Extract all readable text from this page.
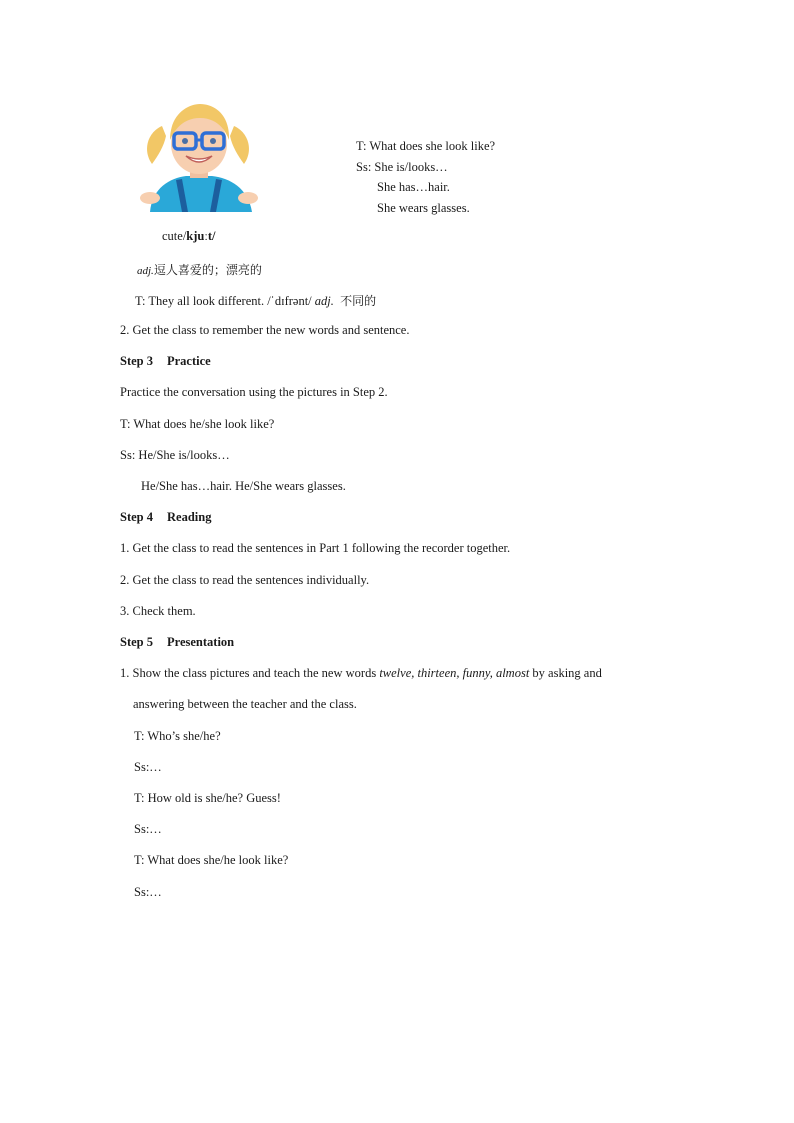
T: What does she look like?
Ss: She is/looks…
She has…hair.
She wears glasses.
cute/kjuːt/
adj.逗人喜爱的；漂亮的
T: They all look different. /ˈdɪfrənt/ adj. 不同的
2. Get the class to remember the new words and sentence.
Step 3 Practice
Practice the conversation using the pictures in Step 2.
T: What does he/she look like?
Ss: He/She is/looks…
He/She has…hair. He/She wears glasses.
Step 4 Reading
1. Get the class to read the sentences in Part 1 following the recorder together.
2. Get the class to read the sentences individually.
3. Check them.
Step 5 Presentation
1. Show the class pictures and teach the new words twelve, thirteen, funny, almost by asking and
answering between the teacher and the class.
T: Who’s she/he?
Ss:…
T: How old is she/he? Guess!
Ss:…
T: What does she/he look like?
Ss:…
